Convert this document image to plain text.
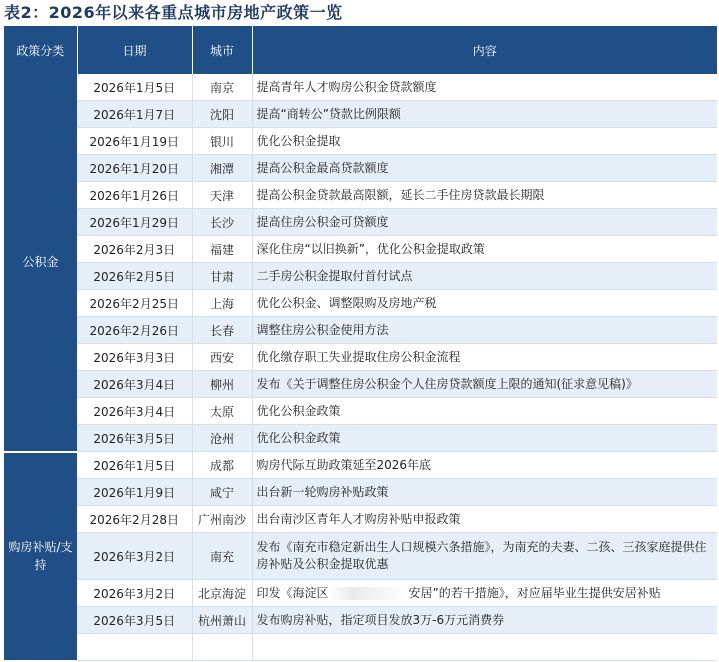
表2：2026年以来各重点城市房地产政策一览
政策分类	日期	城市	内容
公积金	2026年1月5日	南京	提高青年人才购房公积金贷款额度
	2026年1月7日	沈阳	提高“商转公”贷款比例限额
	2026年1月19日	银川	优化公积金提取
	2026年1月20日	湘潭	提高公积金最高贷款额度
	2026年1月26日	天津	提高公积金贷款最高限额，延长二手住房贷款最长期限
	2026年1月29日	长沙	提高住房公积金可贷额度
	2026年2月3日	福建	深化住房“以旧换新”，优化公积金提取政策
	2026年2月5日	甘肃	二手房公积金提取付首付试点
	2026年2月25日	上海	优化公积金、调整限购及房地产税
	2026年2月26日	长春	调整住房公积金使用方法
	2026年3月3日	西安	优化缴存职工失业提取住房公积金流程
	2026年3月4日	柳州	发布《关于调整住房公积金个人住房贷款额度上限的通知(征求意见稿)》
	2026年3月4日	太原	优化公积金政策
	2026年3月5日	沧州	优化公积金政策
购房补贴/支持	2026年1月5日	成都	购房代际互助政策延至2026年底
	2026年1月9日	咸宁	出台新一轮购房补贴政策
	2026年2月28日	广州南沙	出台南沙区青年人才购房补贴申报政策
	2026年3月2日	南充	发布《南充市稳定新出生人口规模六条措施》，为南充的夫妻、二孩、三孩家庭提供住房补贴及公积金提取优惠
	2026年3月2日	北京海淀	印发《海淀区 安居”的若干措施》，对应届毕业生提供安居补贴
	2026年3月5日	杭州萧山	发布购房补贴，指定项目发放3万-6万元消费券
